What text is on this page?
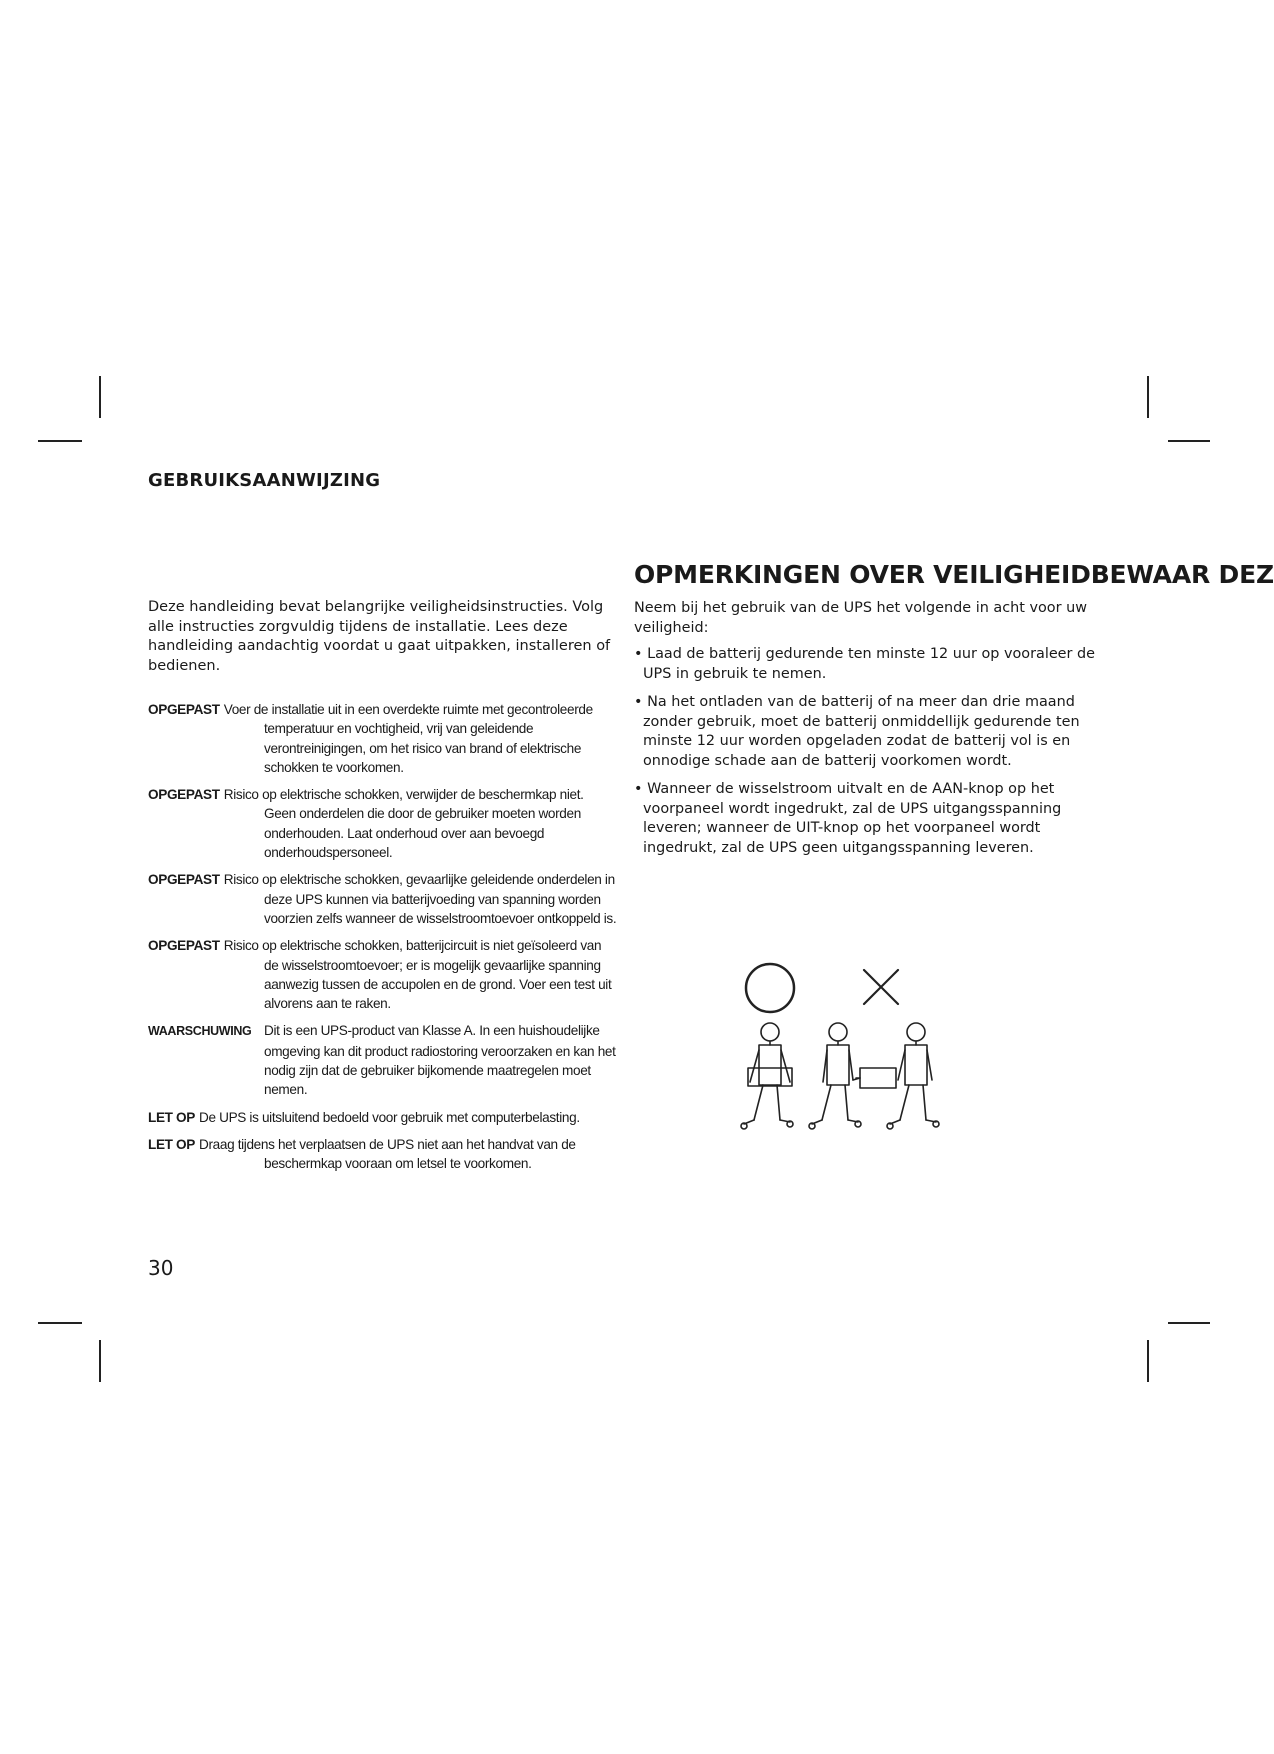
GEBRUIKSAANWIJZING
Deze handleiding bevat belangrijke veiligheidsinstructies. Volg alle instructies zorgvuldig tijdens de installatie. Lees deze handleiding aandachtig voordat u gaat uitpakken, installeren of bedienen.
OPGEPAST Voer de installatie uit in een overdekte ruimte met gecontroleerde temperatuur en vochtigheid, vrij van geleidende verontreinigingen, om het risico van brand of elektrische schokken te voorkomen.
OPGEPAST Risico op elektrische schokken, verwijder de beschermkap niet. Geen onderdelen die door de gebruiker moeten worden onderhouden. Laat onderhoud over aan bevoegd onderhoudspersoneel.
OPGEPAST Risico op elektrische schokken, gevaarlijke geleidende onderdelen in deze UPS kunnen via batterijvoeding van spanning worden voorzien zelfs wanneer de wisselstroomtoevoer ontkoppeld is.
OPGEPAST Risico op elektrische schokken, batterijcircuit is niet geïsoleerd van de wisselstroomtoevoer; er is mogelijk gevaarlijke spanning aanwezig tussen de accupolen en de grond. Voer een test uit alvorens aan te raken.
WAARSCHUWING Dit is een UPS-product van Klasse A. In een huishoudelijke omgeving kan dit product radiostoring veroorzaken en kan het nodig zijn dat de gebruiker bijkomende maatregelen moet nemen.
LET OP De UPS is uitsluitend bedoeld voor gebruik met computerbelasting.
LET OP Draag tijdens het verplaatsen de UPS niet aan het handvat van de beschermkap vooraan om letsel te voorkomen.
30
OPMERKINGEN OVER VEILIGHEIDBEWAAR DEZ
Neem bij het gebruik van de UPS het volgende in acht voor uw veiligheid:
• Laad de batterij gedurende ten minste 12 uur op vooraleer de UPS in gebruik te nemen.
• Na het ontladen van de batterij of na meer dan drie maand zonder gebruik, moet de batterij onmiddellijk gedurende ten minste 12 uur worden opgeladen zodat de batterij vol is en onnodige schade aan de batterij voorkomen wordt.
• Wanneer de wisselstroom uitvalt en de AAN-knop op het voorpaneel wordt ingedrukt, zal de UPS uitgangsspanning leveren; wanneer de UIT-knop op het voorpaneel wordt ingedrukt, zal de UPS geen uitgangsspanning leveren.
